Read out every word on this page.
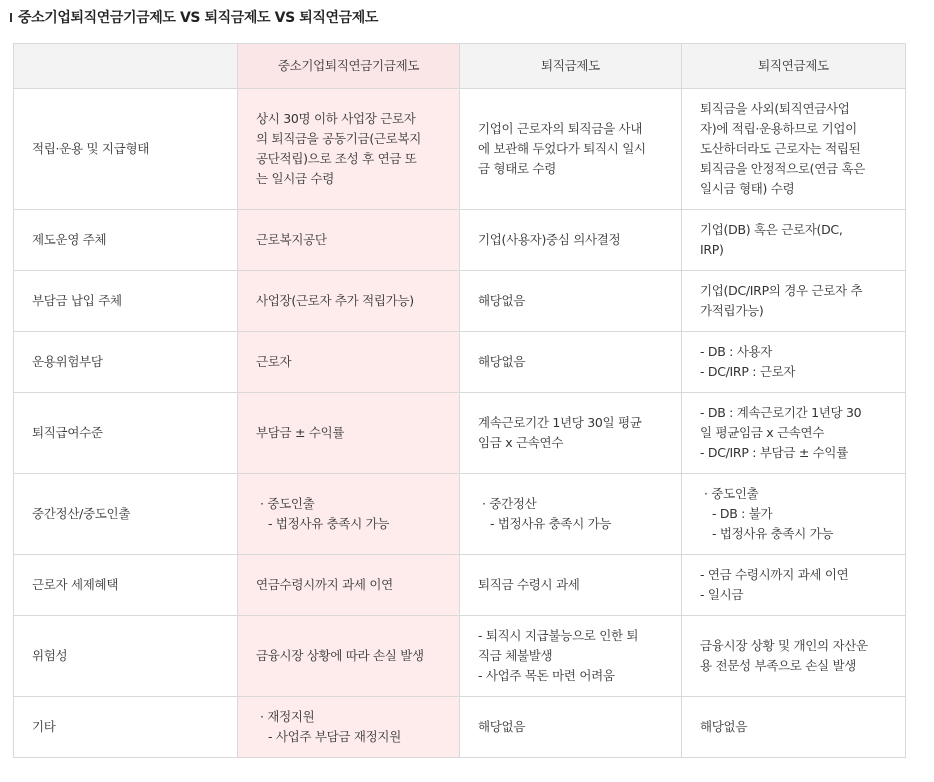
중소기업퇴직연금기금제도 VS 퇴직금제도 VS 퇴직연금제도
	중소기업퇴직연금기금제도	퇴직금제도	퇴직연금제도
적립·운용 및 지급형태	상시 30명 이하 사업장 근로자
의 퇴직금을 공동기금(근로복지
공단적립)으로 조성 후 연금 또
는 일시금 수령	기업이 근로자의 퇴직금을 사내
에 보관해 두었다가 퇴직시 일시
금 형태로 수령	퇴직금을 사외(퇴직연금사업
자)에 적립·운용하므로 기업이
도산하더라도 근로자는 적립된
퇴직금을 안정적으로(연금 혹은
일시금 형태) 수령

제도운영 주체	근로복지공단	기업(사용자)중심 의사결정	기업(DB) 혹은 근로자(DC,
IRP)

부담금 납입 주체	사업장(근로자 추가 적립가능)	해당없음	기업(DC/IRP의 경우 근로자 추
가적립가능)

운용위험부담	근로자	해당없음	- DB : 사용자
- DC/IRP : 근로자

퇴직급여수준	부담금 ± 수익률	계속근로기간 1년당 30일 평균
임금 x 근속연수	- DB : 계속근로기간 1년당 30
일 평균임금 x 근속연수
- DC/IRP : 부담금 ± 수익률

중간정산/중도인출	· 중도인출
- 법정사유 충족시 가능	· 중간정산
- 법정사유 충족시 가능	· 중도인출
- DB : 불가
- 법정사유 충족시 가능

근로자 세제혜택	연금수령시까지 과세 이연	퇴직금 수령시 과세	- 연금 수령시까지 과세 이연
- 일시금

위험성	금융시장 상황에 따라 손실 발생	- 퇴직시 지급불능으로 인한 퇴
직금 체불발생
- 사업주 목돈 마련 어려움	금융시장 상황 및 개인의 자산운
용 전문성 부족으로 손실 발생

기타	· 재정지원
- 사업주 부담금 재정지원	해당없음	해당없음
